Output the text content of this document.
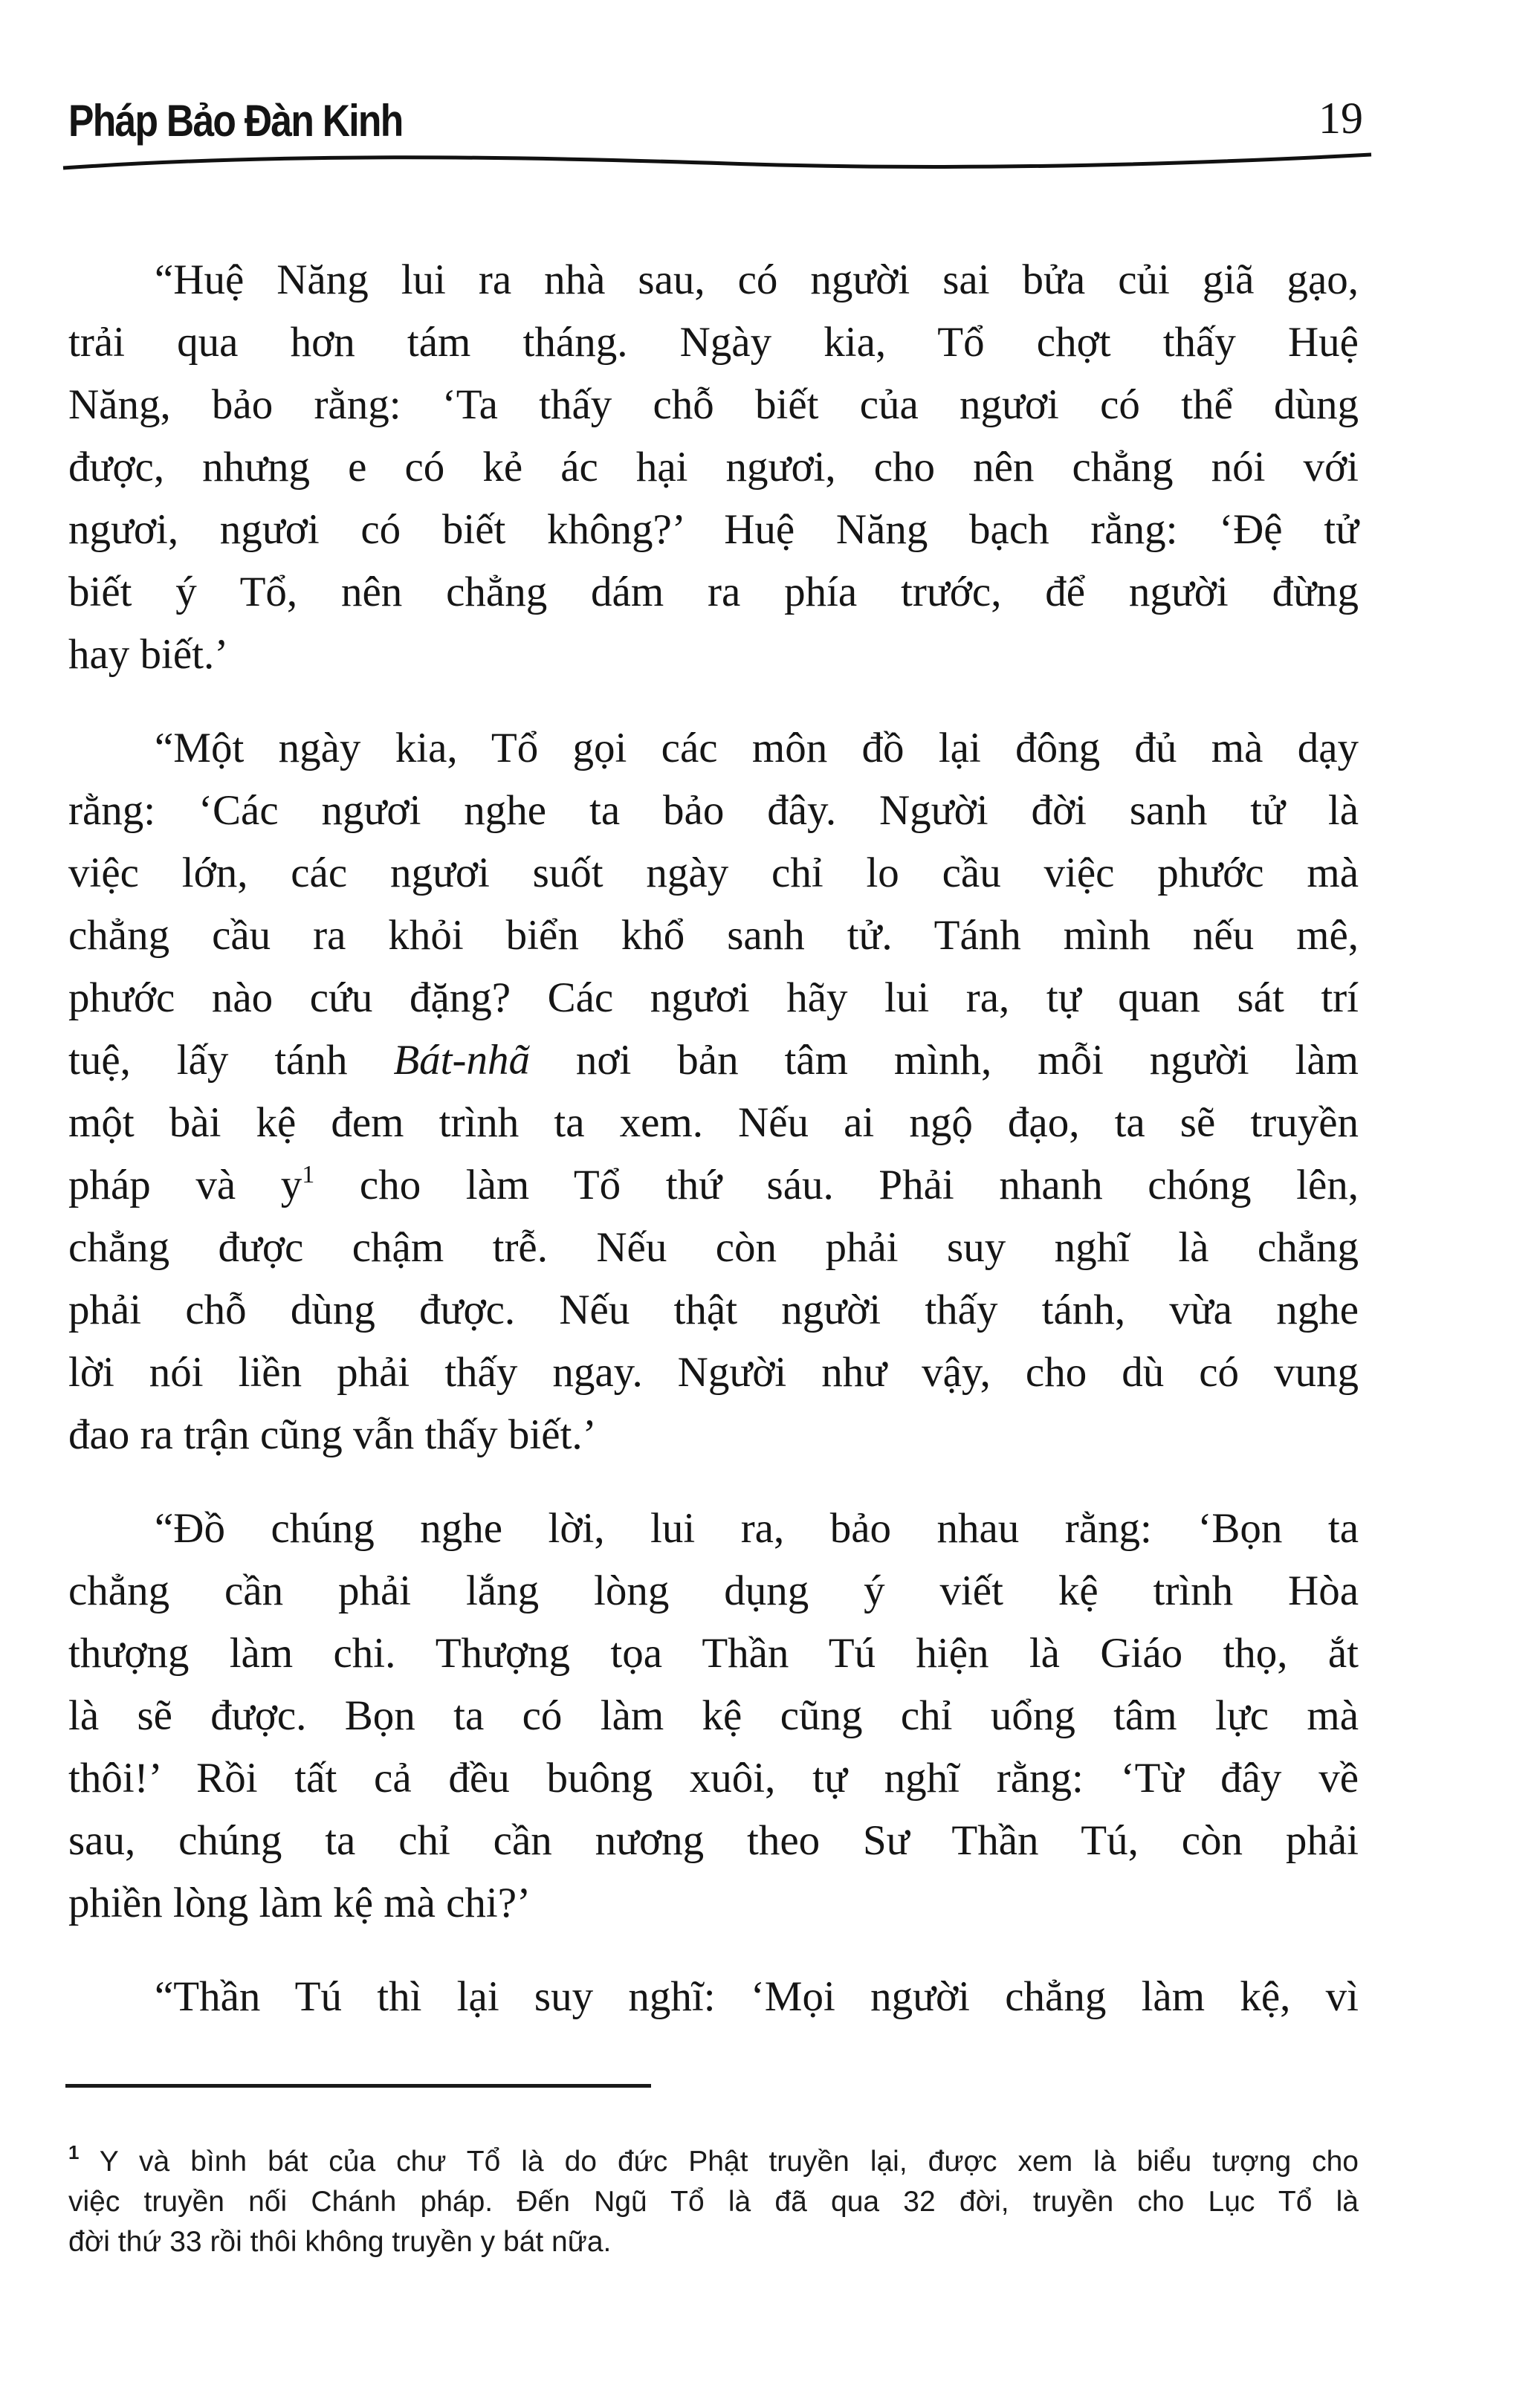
Pháp Bảo Đàn Kinh	19
“Huệ Năng lui ra nhà sau, có người sai bửa củi giã gạo,
trải qua hơn tám tháng. Ngày kia, Tổ chợt thấy Huệ
Năng, bảo rằng: ‘Ta thấy chỗ biết của ngươi có thể dùng
được, nhưng e có kẻ ác hại ngươi, cho nên chẳng nói với
ngươi, ngươi có biết không?’ Huệ Năng bạch rằng: ‘Đệ tử
biết ý Tổ, nên chẳng dám ra phía trước, để người đừng
hay biết.’
“Một ngày kia, Tổ gọi các môn đồ lại đông đủ mà dạy
rằng: ‘Các ngươi nghe ta bảo đây. Người đời sanh tử là
việc lớn, các ngươi suốt ngày chỉ lo cầu việc phước mà
chẳng cầu ra khỏi biển khổ sanh tử. Tánh mình nếu mê,
phước nào cứu đặng? Các ngươi hãy lui ra, tự quan sát trí
tuệ, lấy tánh Bát-nhã nơi bản tâm mình, mỗi người làm
một bài kệ đem trình ta xem. Nếu ai ngộ đạo, ta sẽ truyền
pháp và $y^1$ cho làm Tổ thứ sáu. Phải nhanh chóng lên,
chẳng được chậm trễ. Nếu còn phải suy nghĩ là chẳng
phải chỗ dùng được. Nếu thật người thấy tánh, vừa nghe
lời nói liền phải thấy ngay. Người như vậy, cho dù có vung
đao ra trận cũng vẫn thấy biết.’
“Đồ chúng nghe lời, lui ra, bảo nhau rằng: ‘Bọn ta
chẳng cần phải lắng lòng dụng ý viết kệ trình Hòa
thượng làm chi. Thượng tọa Thần Tú hiện là Giáo thọ, ắt
là sẽ được. Bọn ta có làm kệ cũng chỉ uổng tâm lực mà
thôi!’ Rồi tất cả đều buông xuôi, tự nghĩ rằng: ‘Từ đây về
sau, chúng ta chỉ cần nương theo Sư Thần Tú, còn phải
phiền lòng làm kệ mà chi?’
“Thần Tú thì lại suy nghĩ: ‘Mọi người chẳng làm kệ, vì
$^1$ Y và bình bát của chư Tổ là do đức Phật truyền lại, được xem là biểu tượng cho
việc truyền nối Chánh pháp. Đến Ngũ Tổ là đã qua 32 đời, truyền cho Lục Tổ là
đời thứ 33 rồi thôi không truyền y bát nữa.
